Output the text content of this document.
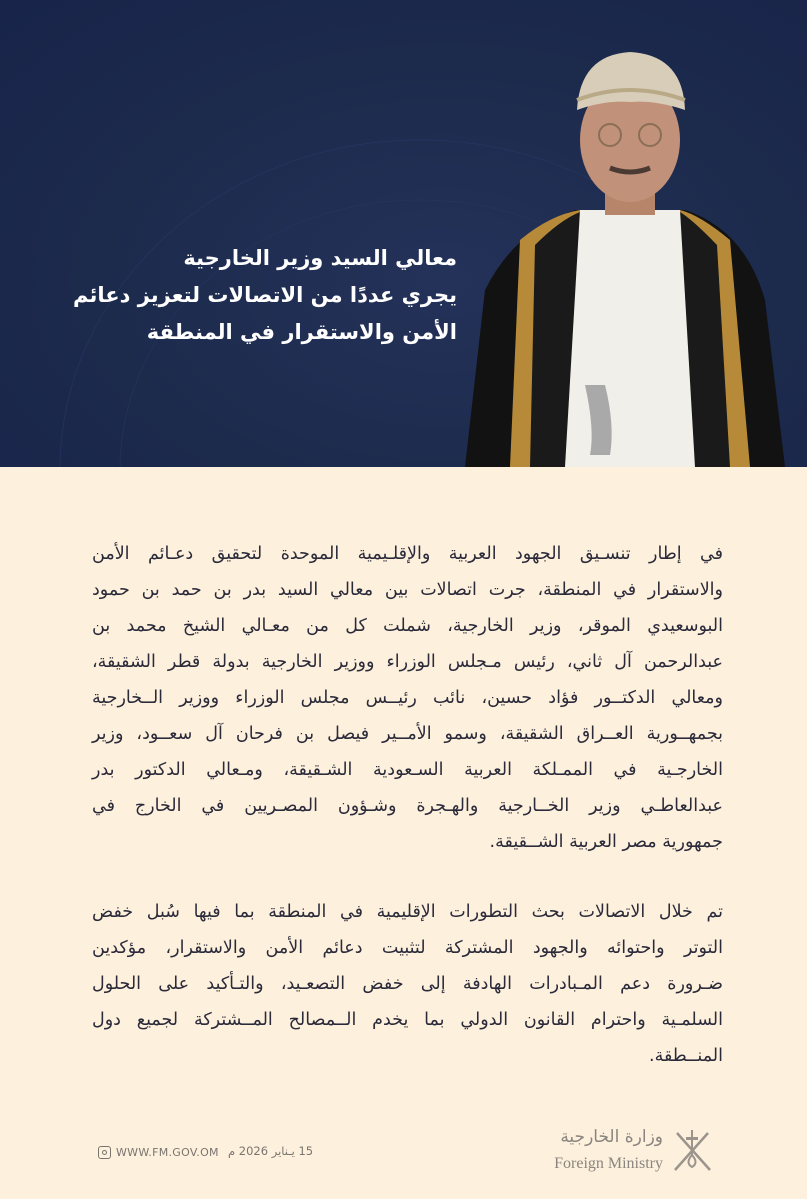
معالي السيد وزير الخارجية
يجري عددًا من الاتصالات لتعزيز دعائم
الأمن والاستقرار في المنطقة
في إطار تنسـيق الجهود العربية والإقلـيمية الموحدة لتحقيق دعـائم الأمن
والاستقرار في المنطقة، جرت اتصالات بين معالي السيد بدر بن حمد بن حمود
البوسعيدي الموقر، وزير الخارجية، شملت كل من معـالي الشيخ محمد بن
عبدالرحمن آل ثاني، رئيس مـجلس الوزراء ووزير الخارجية بدولة قطر الشقيقة،
ومعالي الدكتــور فؤاد حسين، نائب رئيــس مجلس الوزراء ووزير الــخارجية
بجمهــورية العــراق الشقيقة، وسمو الأمــير فيصل بن فرحان آل سعــود، وزير
الخارجـية في الممـلكة العربية السـعودية الشـقيقة، ومـعالي الدكتور بدر
عبدالعاطـي وزير الخــارجية والهـجرة وشـؤون المصـريين في الخارج في
جمهورية مصر العربية الشــقيقة.
تم خلال الاتصالات بحث التطورات الإقليمية في المنطقة بما فيها سُبل خفض
التوتر واحتوائه والجهود المشتركة لتثبيت دعائم الأمن والاستقرار، مؤكدين
ضـرورة دعم المـبادرات الهادفة إلى خفض التصعـيد، والتـأكيد على الحلول
السلمـية واحترام القانون الدولي بما يخدم الــمصالح المــشتركة لجميع دول
المنــطقة.
WWW.FM.GOV.OM 15 يـناير 2026 م
وزارة الخارجية
Foreign Ministry
